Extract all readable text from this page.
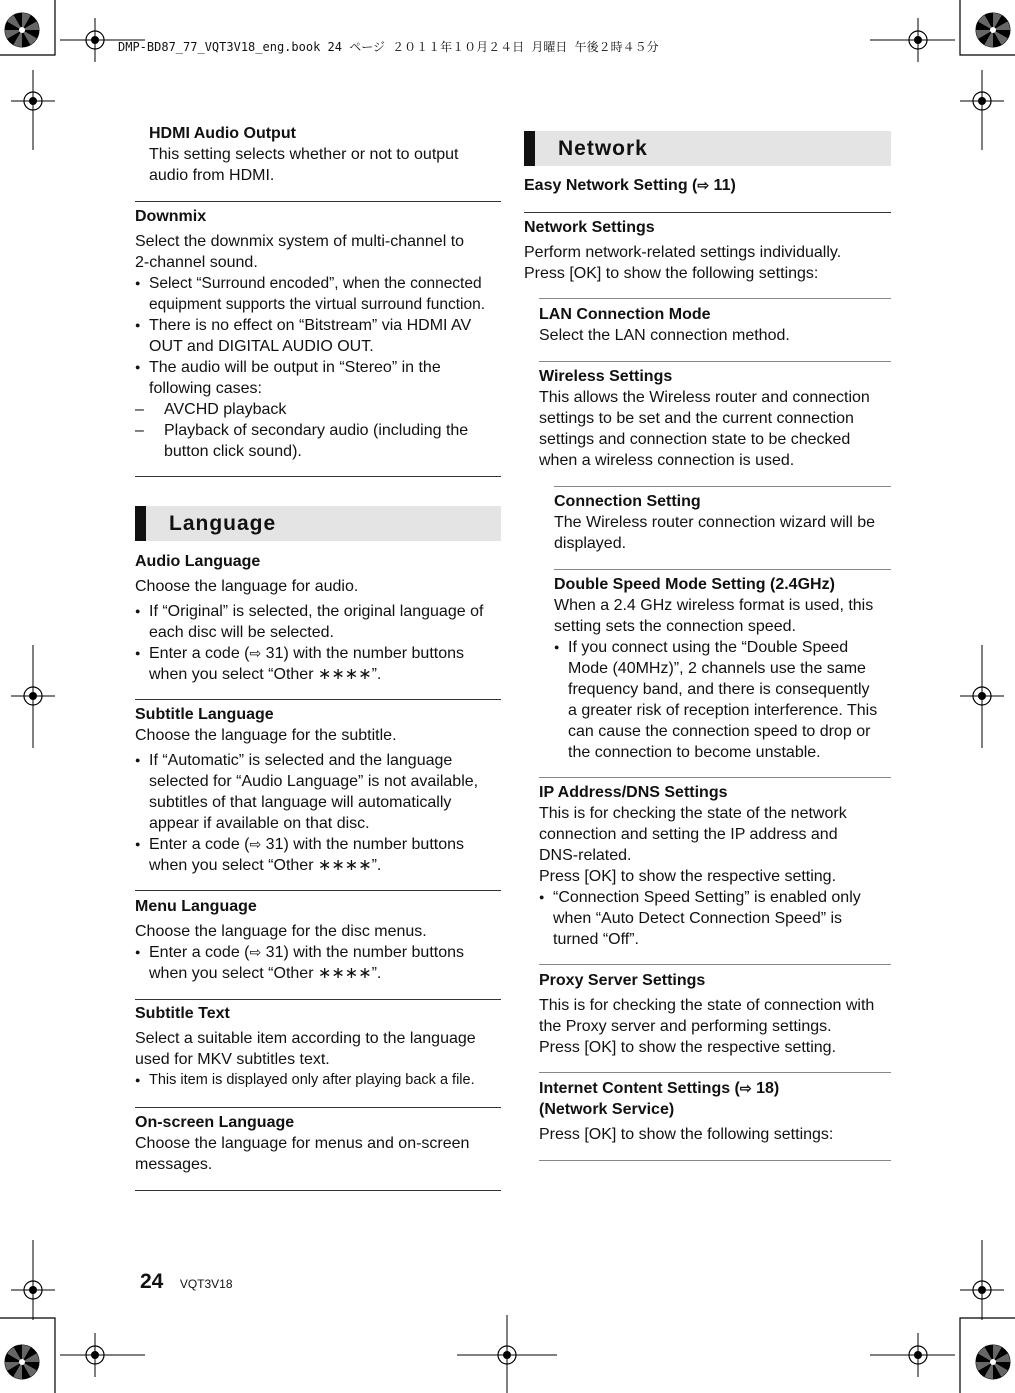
DMP-BD87_77_VQT3V18_eng.book 24 ページ ２０１１年１０月２４日 月曜日 午後２時４５分

HDMI Audio Output

This setting selects whether or not to output

audio from HDMI.

Downmix

Select the downmix system of multi-channel to

2-channel sound.

● Select “Surround encoded”, when the connected
equipment supports the virtual surround function.

● There is no effect on “Bitstream” via HDMI AV
OUT and DIGITAL AUDIO OUT.

● The audio will be output in “Stereo” in the
following cases:

– AVCHD playback

– Playback of secondary audio (including the
button click sound).

Language

Audio Language

Choose the language for audio.

● If “Original” is selected, the original language of
each disc will be selected.

● Enter a code (⇨ 31) with the number buttons
when you select “Other ∗∗∗∗”.

Subtitle Language

Choose the language for the subtitle.

● If “Automatic” is selected and the language
selected for “Audio Language” is not available,
subtitles of that language will automatically
appear if available on that disc.

● Enter a code (⇨ 31) with the number buttons
when you select “Other ∗∗∗∗”.

Menu Language

Choose the language for the disc menus.

● Enter a code (⇨ 31) with the number buttons
when you select “Other ∗∗∗∗”.

Subtitle Text

Select a suitable item according to the language

used for MKV subtitles text.

● This item is displayed only after playing back a file.

On-screen Language

Choose the language for menus and on-screen

messages.

Network

Easy Network Setting (⇨ 11)

Network Settings

Perform network-related settings individually.

Press [OK] to show the following settings:

LAN Connection Mode

Select the LAN connection method.

Wireless Settings

This allows the Wireless router and connection

settings to be set and the current connection

settings and connection state to be checked

when a wireless connection is used.

Connection Setting

The Wireless router connection wizard will be

displayed.

Double Speed Mode Setting (2.4GHz)

When a 2.4 GHz wireless format is used, this

setting sets the connection speed.

● If you connect using the “Double Speed
Mode (40MHz)”, 2 channels use the same
frequency band, and there is consequently
a greater risk of reception interference. This
can cause the connection speed to drop or
the connection to become unstable.

IP Address/DNS Settings

This is for checking the state of the network

connection and setting the IP address and

DNS-related.

Press [OK] to show the respective setting.

● “Connection Speed Setting” is enabled only
when “Auto Detect Connection Speed” is
turned “Off”.

Proxy Server Settings

This is for checking the state of connection with

the Proxy server and performing settings.

Press [OK] to show the respective setting.

Internet Content Settings (⇨ 18)

(Network Service)

Press [OK] to show the following settings:

24 VQT3V18
